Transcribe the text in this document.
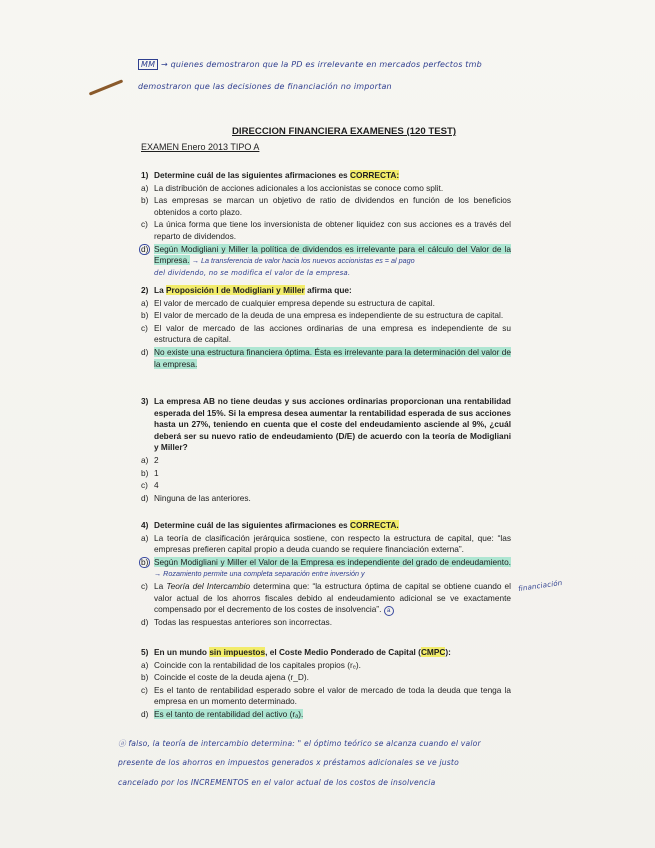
MM → quienes demostraron que la PD es irrelevante en mercados perfectos tmb
demostraron que las decisiones de financiación no importan
DIRECCION FINANCIERA EXAMENES (120 TEST)
EXAMEN Enero 2013 TIPO A
1) Determine cuál de las siguientes afirmaciones es CORRECTA:
a) La distribución de acciones adicionales a los accionistas se conoce como split.
b) Las empresas se marcan un objetivo de ratio de dividendos en función de los beneficios obtenidos a corto plazo.
c) La única forma que tiene los inversionista de obtener liquidez con sus acciones es a través del reparto de dividendos.
d) Según Modigliani y Miller la política de dividendos es irrelevante para el cálculo del Valor de la Empresa. → La transferencia de valor hacia los nuevos accionistas es = al pago
del dividendo, no se modifica el valor de la empresa.
2) La Proposición I de Modigliani y Miller afirma que:
a) El valor de mercado de cualquier empresa depende su estructura de capital.
b) El valor de mercado de la deuda de una empresa es independiente de su estructura de capital.
c) El valor de mercado de las acciones ordinarias de una empresa es independiente de su estructura de capital.
d) No existe una estructura financiera óptima. Ésta es irrelevante para la determinación del valor de la empresa.
3) La empresa AB no tiene deudas y sus acciones ordinarias proporcionan una rentabilidad esperada del 15%. Si la empresa desea aumentar la rentabilidad esperada de sus acciones hasta un 27%, teniendo en cuenta que el coste del endeudamiento asciende al 9%, ¿cuál deberá ser su nuevo ratio de endeudamiento (D/E) de acuerdo con la teoría de Modigliani y Miller?
a) 2
b) 1
c) 4
d) Ninguna de las anteriores.
4) Determine cuál de las siguientes afirmaciones es CORRECTA.
a) La teoría de clasificación jerárquica sostiene, con respecto la estructura de capital, que: “las empresas prefieren capital propio a deuda cuando se requiere financiación externa”.
b) Según Modigliani y Miller el Valor de la Empresa es independiente del grado de endeudamiento. → Rozamiento permite una completa separación entre inversión y
c) La Teoría del Intercambio determina que: “la estructura óptima de capital se obtiene cuando el valor actual de los ahorros fiscales debido al endeudamiento adicional se ve exactamente compensado por el decremento de los costes de insolvencia”. a
d) Todas las respuestas anteriores son incorrectas.
financiación
5) En un mundo sin impuestos, el Coste Medio Ponderado de Capital (CMPC):
a) Coincide con la rentabilidad de los capitales propios (rₑ).
b) Coincide el coste de la deuda ajena (r_D).
c) Es el tanto de rentabilidad esperado sobre el valor de mercado de toda la deuda que tenga la empresa en un momento determinado.
d) Es el tanto de rentabilidad del activo (rₐ).
ⓐ falso, la teoría de intercambio determina: " el óptimo teórico se alcanza cuando el valor
presente de los ahorros en impuestos generados x préstamos adicionales se ve justo
cancelado por los INCREMENTOS en el valor actual de los costos de insolvencia
